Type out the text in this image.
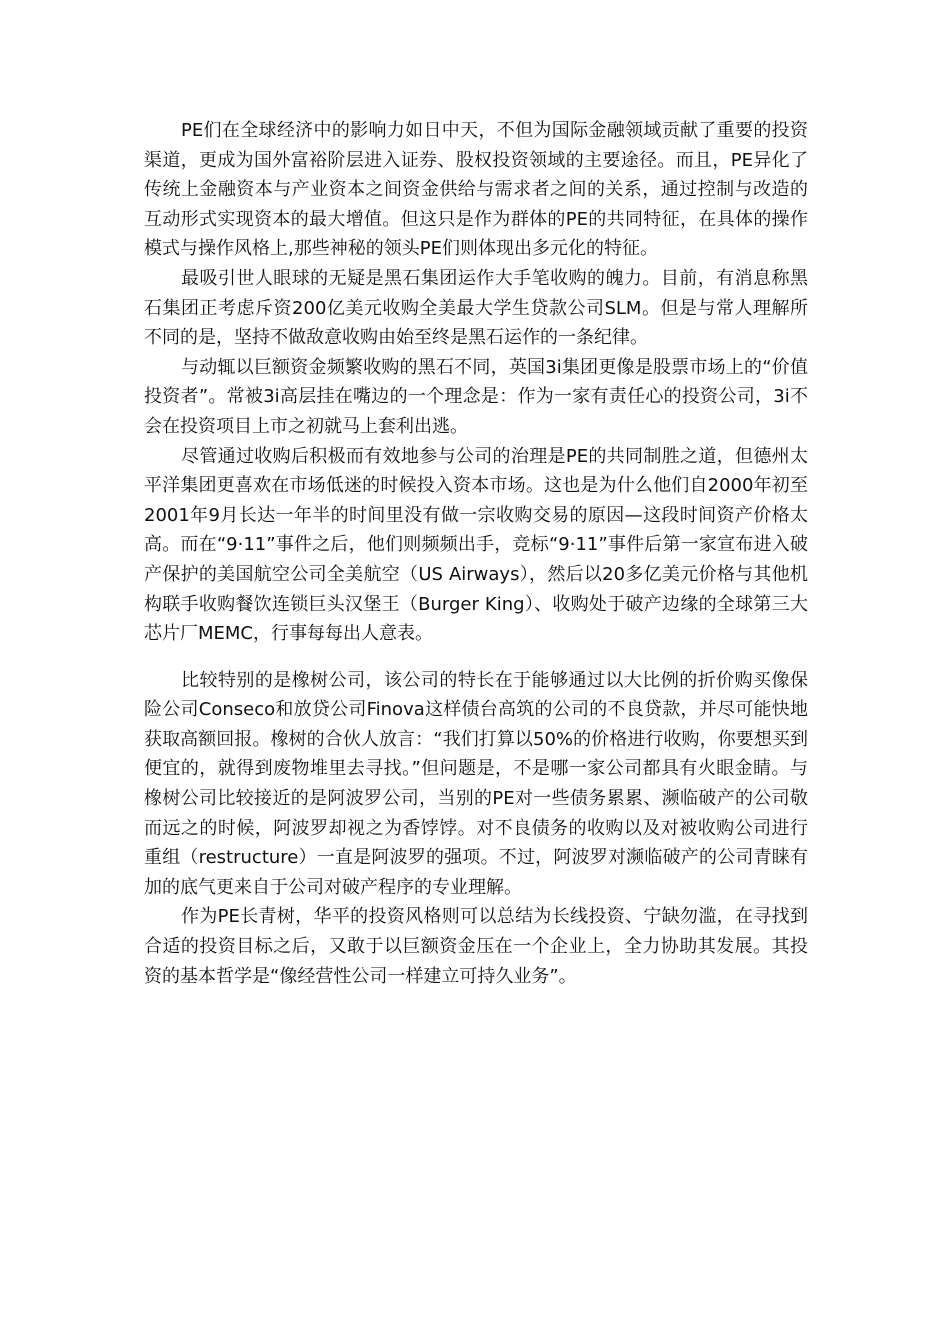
PE们在全球经济中的影响力如日中天，不但为国际金融领域贡献了重要的投资渠道，更成为国外富裕阶层进入证券、股权投资领域的主要途径。而且，PE异化了传统上金融资本与产业资本之间资金供给与需求者之间的关系，通过控制与改造的互动形式实现资本的最大增值。但这只是作为群体的PE的共同特征，在具体的操作模式与操作风格上,那些神秘的领头PE们则体现出多元化的特征。

最吸引世人眼球的无疑是黑石集团运作大手笔收购的魄力。目前，有消息称黑石集团正考虑斥资200亿美元收购全美最大学生贷款公司SLM。但是与常人理解所不同的是，坚持不做敌意收购由始至终是黑石运作的一条纪律。

与动辄以巨额资金频繁收购的黑石不同，英国3i集团更像是股票市场上的“价值投资者”。常被3i高层挂在嘴边的一个理念是：作为一家有责任心的投资公司，3i不会在投资项目上市之初就马上套利出逃。

尽管通过收购后积极而有效地参与公司的治理是PE的共同制胜之道，但德州太平洋集团更喜欢在市场低迷的时候投入资本市场。这也是为什么他们自2000年初至2001年9月长达一年半的时间里没有做一宗收购交易的原因—这段时间资产价格太高。而在“9·11”事件之后，他们则频频出手，竞标“9·11”事件后第一家宣布进入破产保护的美国航空公司全美航空（US Airways），然后以20多亿美元价格与其他机构联手收购餐饮连锁巨头汉堡王（Burger King）、收购处于破产边缘的全球第三大芯片厂MEMC，行事每每出人意表。

比较特别的是橡树公司，该公司的特长在于能够通过以大比例的折价购买像保险公司Conseco和放贷公司Finova这样债台高筑的公司的不良贷款，并尽可能快地获取高额回报。橡树的合伙人放言：“我们打算以50%的价格进行收购，你要想买到便宜的，就得到废物堆里去寻找。”但问题是，不是哪一家公司都具有火眼金睛。与橡树公司比较接近的是阿波罗公司，当别的PE对一些债务累累、濒临破产的公司敬而远之的时候，阿波罗却视之为香饽饽。对不良债务的收购以及对被收购公司进行重组（restructure）一直是阿波罗的强项。不过，阿波罗对濒临破产的公司青睐有加的底气更来自于公司对破产程序的专业理解。

作为PE长青树，华平的投资风格则可以总结为长线投资、宁缺勿滥，在寻找到合适的投资目标之后，又敢于以巨额资金压在一个企业上，全力协助其发展。其投资的基本哲学是“像经营性公司一样建立可持久业务”。
